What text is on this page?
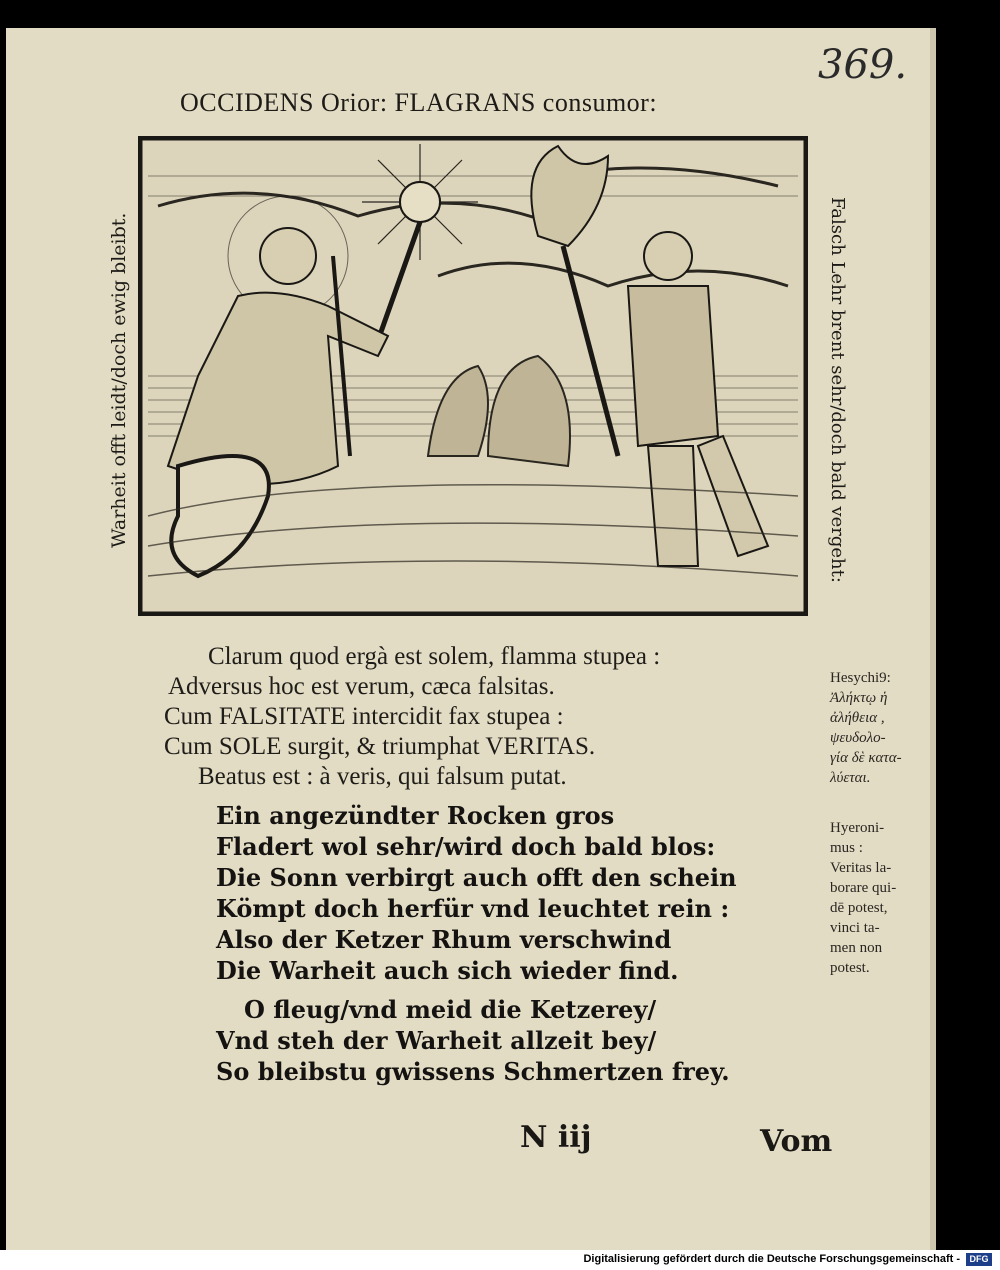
369.
OCCIDENS Orior: FLAGRANS consumor:
Warheit offt leidt/doch ewig bleibt.	Falsch Lehr brent sehr/doch bald vergeht:
Clarum quod ergà est solem, flamma stupea :
Adversus hoc est verum, cæca falsitas.
Cum FALSITATE intercidit fax stupea :
Cum SOLE surgit, & triumphat VERITAS.
Beatus est : à veris, qui falsum putat.
Ein angezündter Rocken gros
Fladert wol sehr/wird doch bald blos:
Die Sonn verbirgt auch offt den schein
Kömpt doch herfür vnd leuchtet rein :
Also der Ketzer Rhum verschwind
Die Warheit auch sich wieder find.
O fleug/vnd meid die Ketzerey/
Vnd steh der Warheit allzeit bey/
So bleibstu gwissens Schmertzen frey.
Hesychi9:
Ἀλήκτῳ ἡ
ἀλήθεια ,
ψευδολο-
γία δὲ κατα-
λύεται.
Hyeroni-
mus :
Veritas la-
borare qui-
dē potest,
vinci ta-
men non
potest.
N iij	Vom
Digitalisierung gefördert durch die Deutsche Forschungsgemeinschaft -	DFG
